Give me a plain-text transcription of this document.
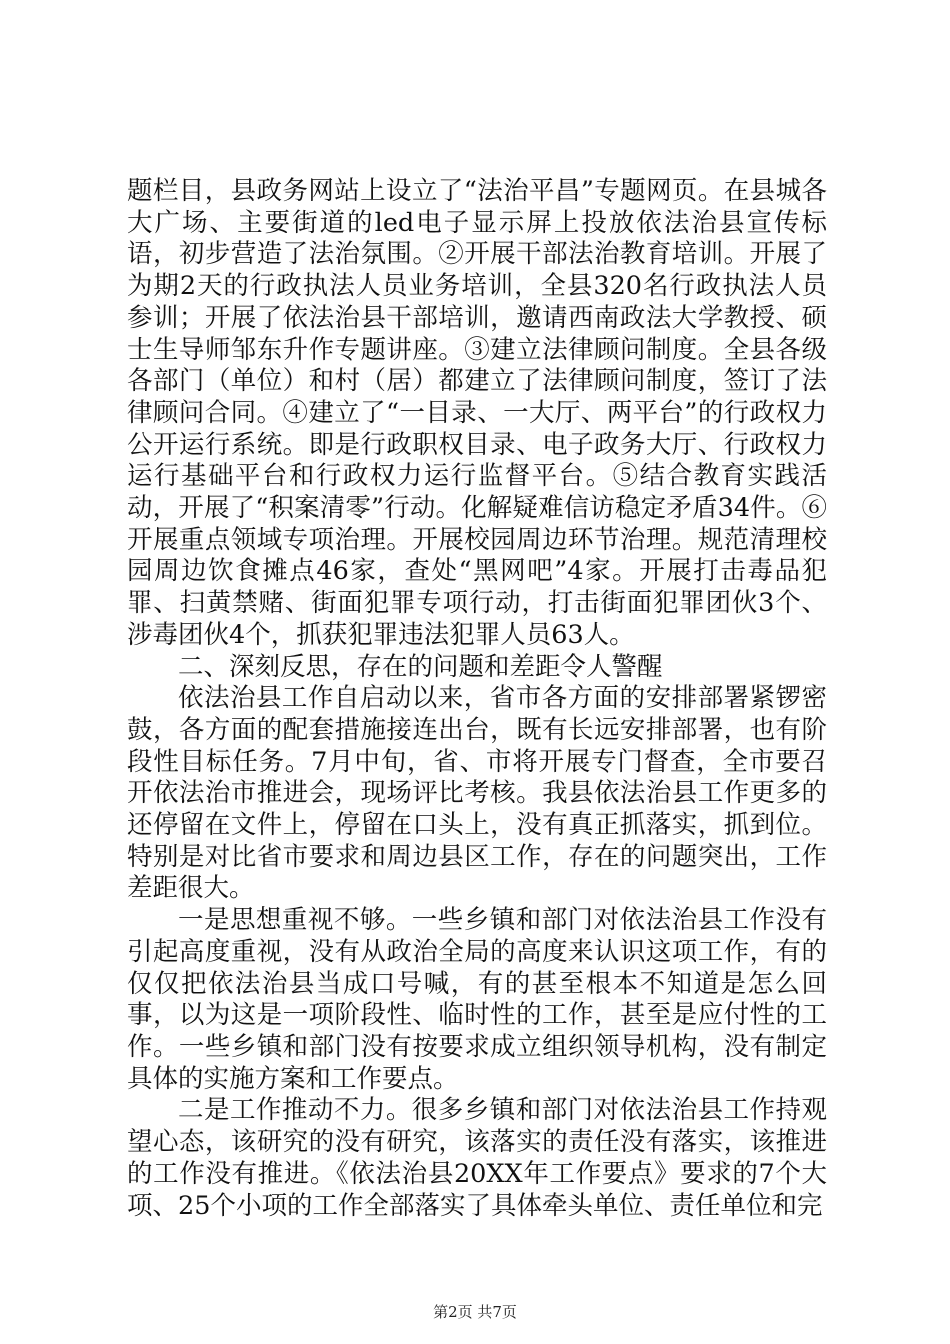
题栏目，县政务网站上设立了“法治平昌”专题网页。在县城各大广场、主要街道的led电子显示屏上投放依法治县宣传标语，初步营造了法治氛围。②开展干部法治教育培训。开展了为期2天的行政执法人员业务培训，全县320名行政执法人员参训；开展了依法治县干部培训，邀请西南政法大学教授、硕士生导师邹东升作专题讲座。③建立法律顾问制度。全县各级各部门（单位）和村（居）都建立了法律顾问制度，签订了法律顾问合同。④建立了“一目录、一大厅、两平台”的行政权力公开运行系统。即是行政职权目录、电子政务大厅、行政权力运行基础平台和行政权力运行监督平台。⑤结合教育实践活动，开展了“积案清零”行动。化解疑难信访稳定矛盾34件。⑥开展重点领域专项治理。开展校园周边环节治理。规范清理校园周边饮食摊点46家，查处“黑网吧”4家。开展打击毒品犯罪、扫黄禁赌、街面犯罪专项行动，打击街面犯罪团伙3个、涉毒团伙4个，抓获犯罪违法犯罪人员63人。

二、深刻反思，存在的问题和差距令人警醒

依法治县工作自启动以来，省市各方面的安排部署紧锣密鼓，各方面的配套措施接连出台，既有长远安排部署，也有阶段性目标任务。7月中旬，省、市将开展专门督查，全市要召开依法治市推进会，现场评比考核。我县依法治县工作更多的还停留在文件上，停留在口头上，没有真正抓落实，抓到位。特别是对比省市要求和周边县区工作，存在的问题突出，工作差距很大。

一是思想重视不够。一些乡镇和部门对依法治县工作没有引起高度重视，没有从政治全局的高度来认识这项工作，有的仅仅把依法治县当成口号喊，有的甚至根本不知道是怎么回事，以为这是一项阶段性、临时性的工作，甚至是应付性的工作。一些乡镇和部门没有按要求成立组织领导机构，没有制定具体的实施方案和工作要点。

二是工作推动不力。很多乡镇和部门对依法治县工作持观望心态，该研究的没有研究，该落实的责任没有落实，该推进的工作没有推进。《依法治县20XX年工作要点》要求的7个大项、25个小项的工作全部落实了具体牵头单位、责任单位和完

第2页 共7页
